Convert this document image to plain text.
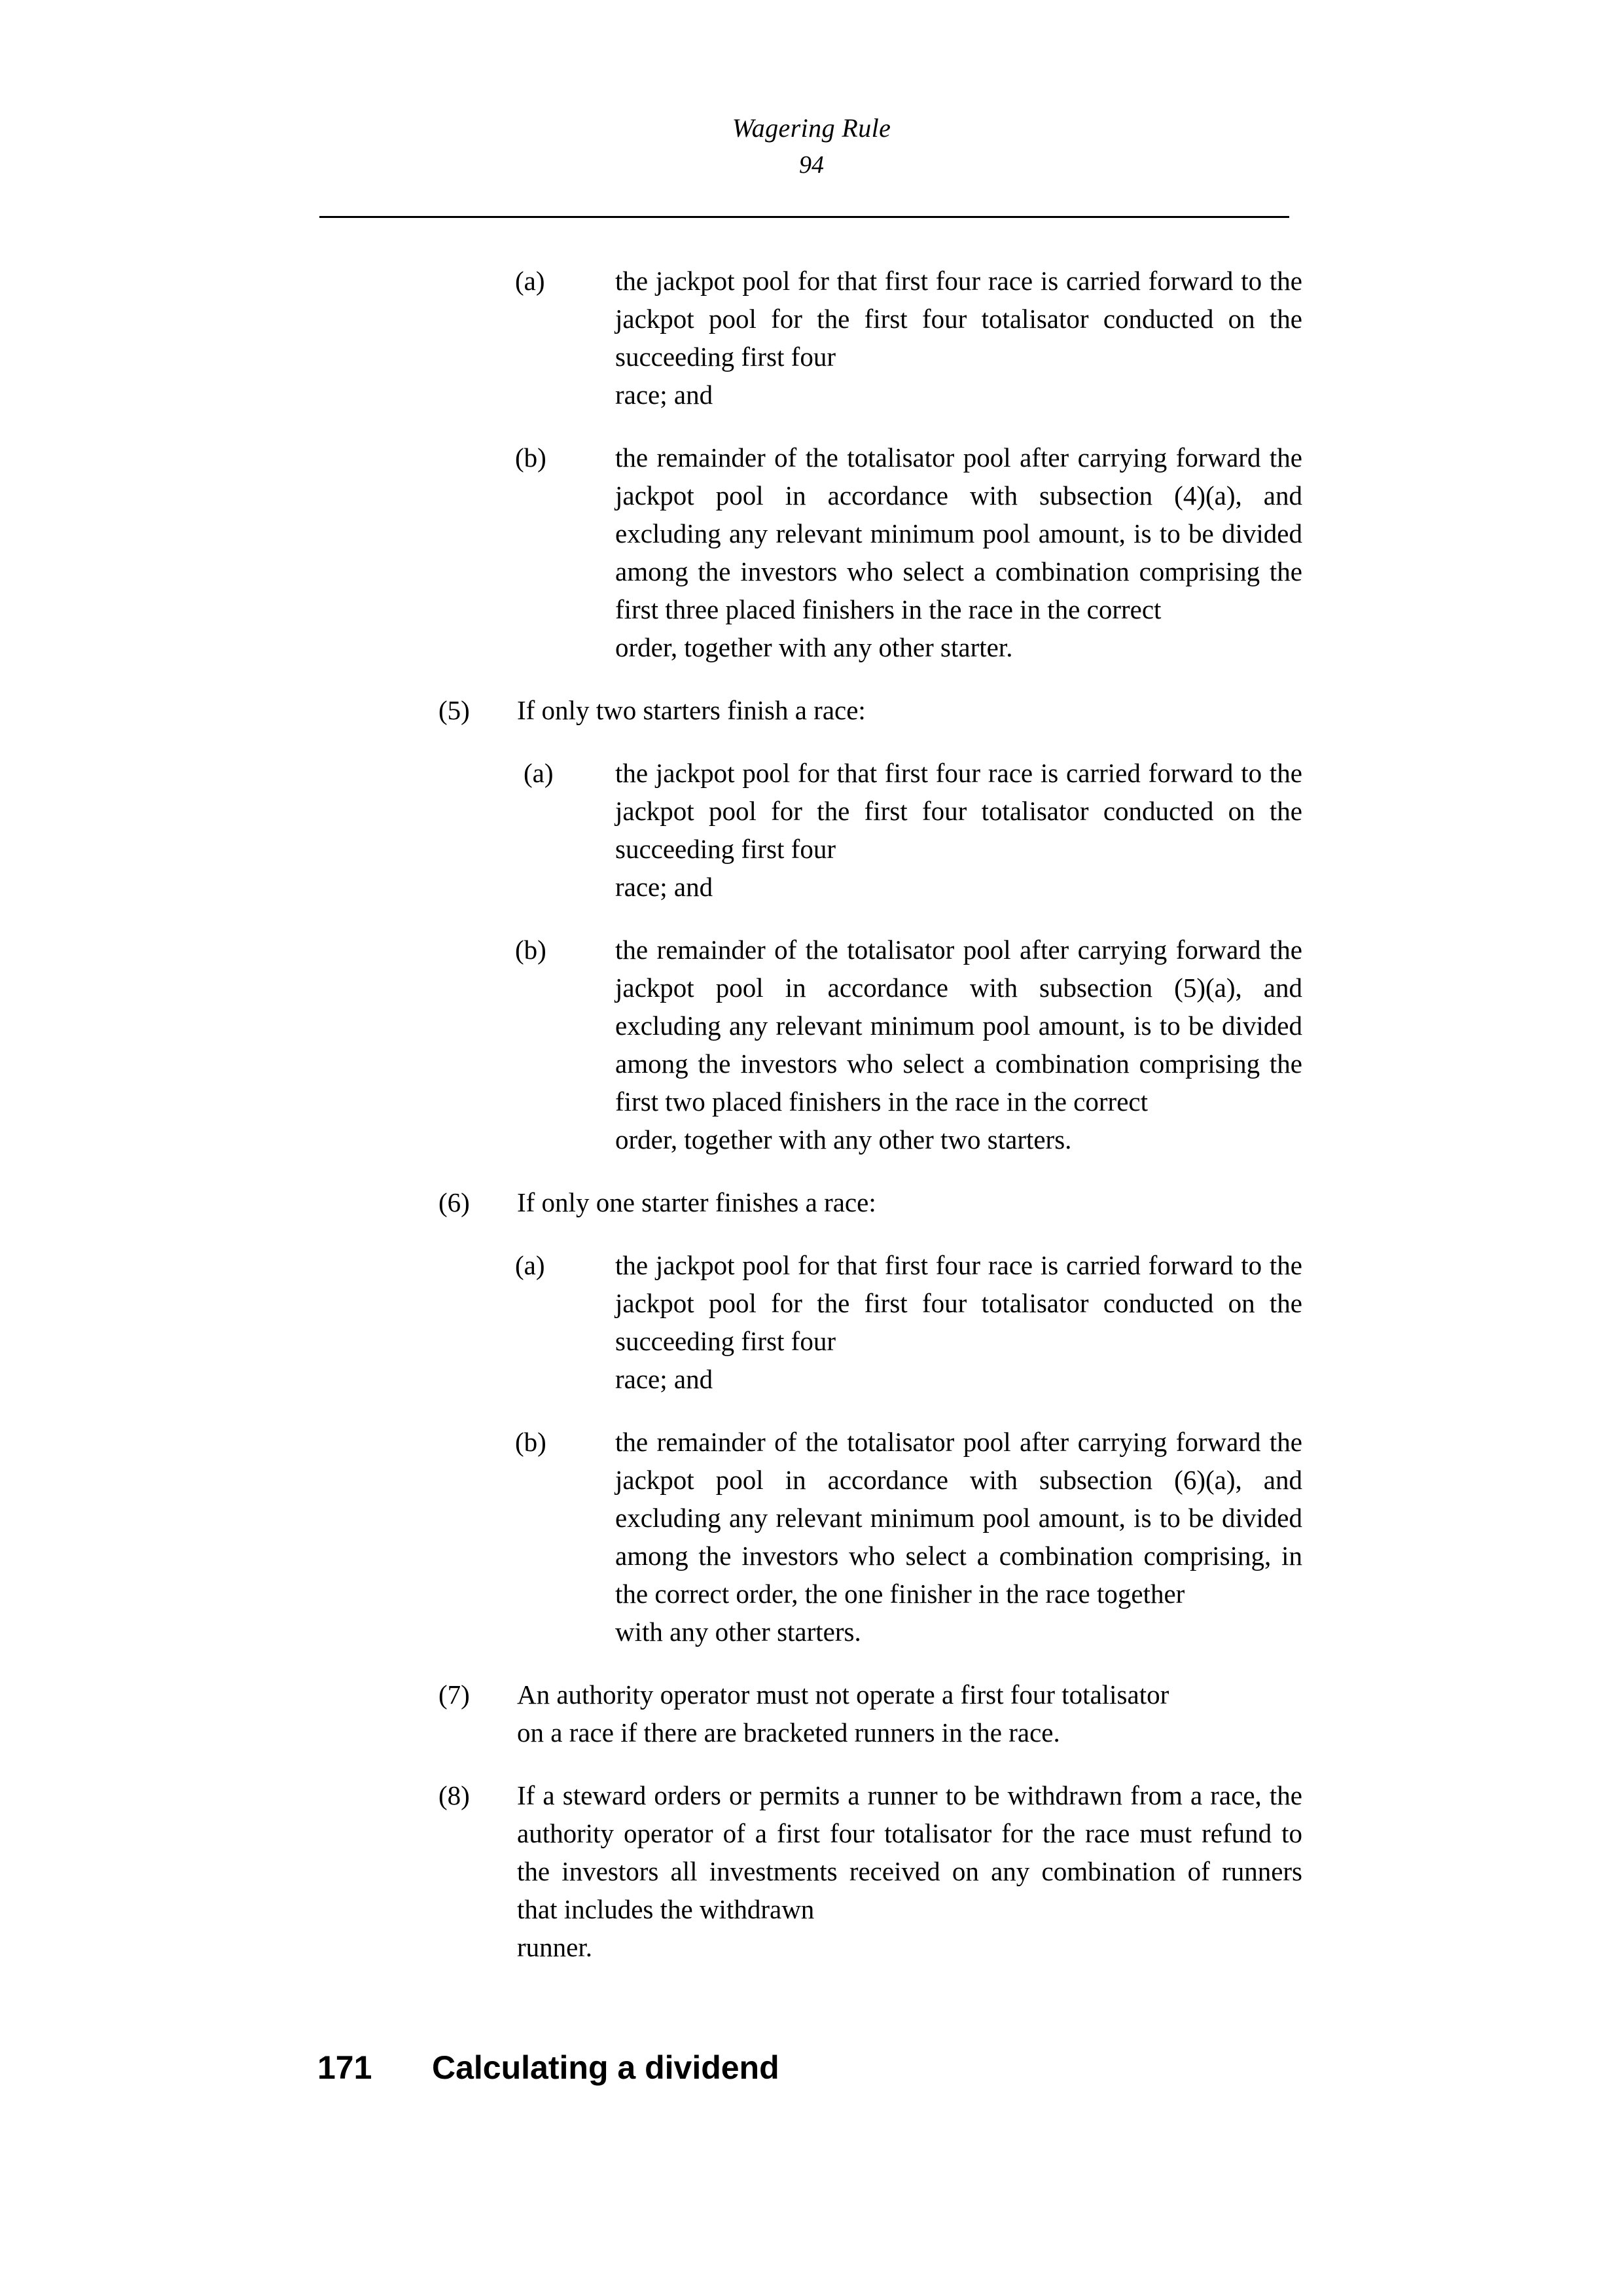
Wagering Rule
94
(a)	the jackpot pool for that first four race is carried forward to the jackpot pool for the first four totalisator conducted on the succeeding first four
race; and
(b)	the remainder of the totalisator pool after carrying forward the jackpot pool in accordance with subsection (4)(a), and excluding any relevant minimum pool amount, is to be divided among the investors who select a combination comprising the first three placed finishers in the race in the correct
order, together with any other starter.
(5)	If only two starters finish a race:
(a)	the jackpot pool for that first four race is carried forward to the jackpot pool for the first four totalisator conducted on the succeeding first four
race; and
(b)	the remainder of the totalisator pool after carrying forward the jackpot pool in accordance with subsection (5)(a), and excluding any relevant minimum pool amount, is to be divided among the investors who select a combination comprising the first two placed finishers in the race in the correct
order, together with any other two starters.
(6)	If only one starter finishes a race:
(a)	the jackpot pool for that first four race is carried forward to the jackpot pool for the first four totalisator conducted on the succeeding first four
race; and
(b)	the remainder of the totalisator pool after carrying forward the jackpot pool in accordance with subsection (6)(a), and excluding any relevant minimum pool amount, is to be divided among the investors who select a combination comprising, in the correct order, the one finisher in the race together
with any other starters.
(7)	An authority operator must not operate a first four totalisator
on a race if there are bracketed runners in the race.
(8)	If a steward orders or permits a runner to be withdrawn from a race, the authority operator of a first four totalisator for the race must refund to the investors all investments received on any combination of runners that includes the withdrawn
runner.
171 Calculating a dividend
